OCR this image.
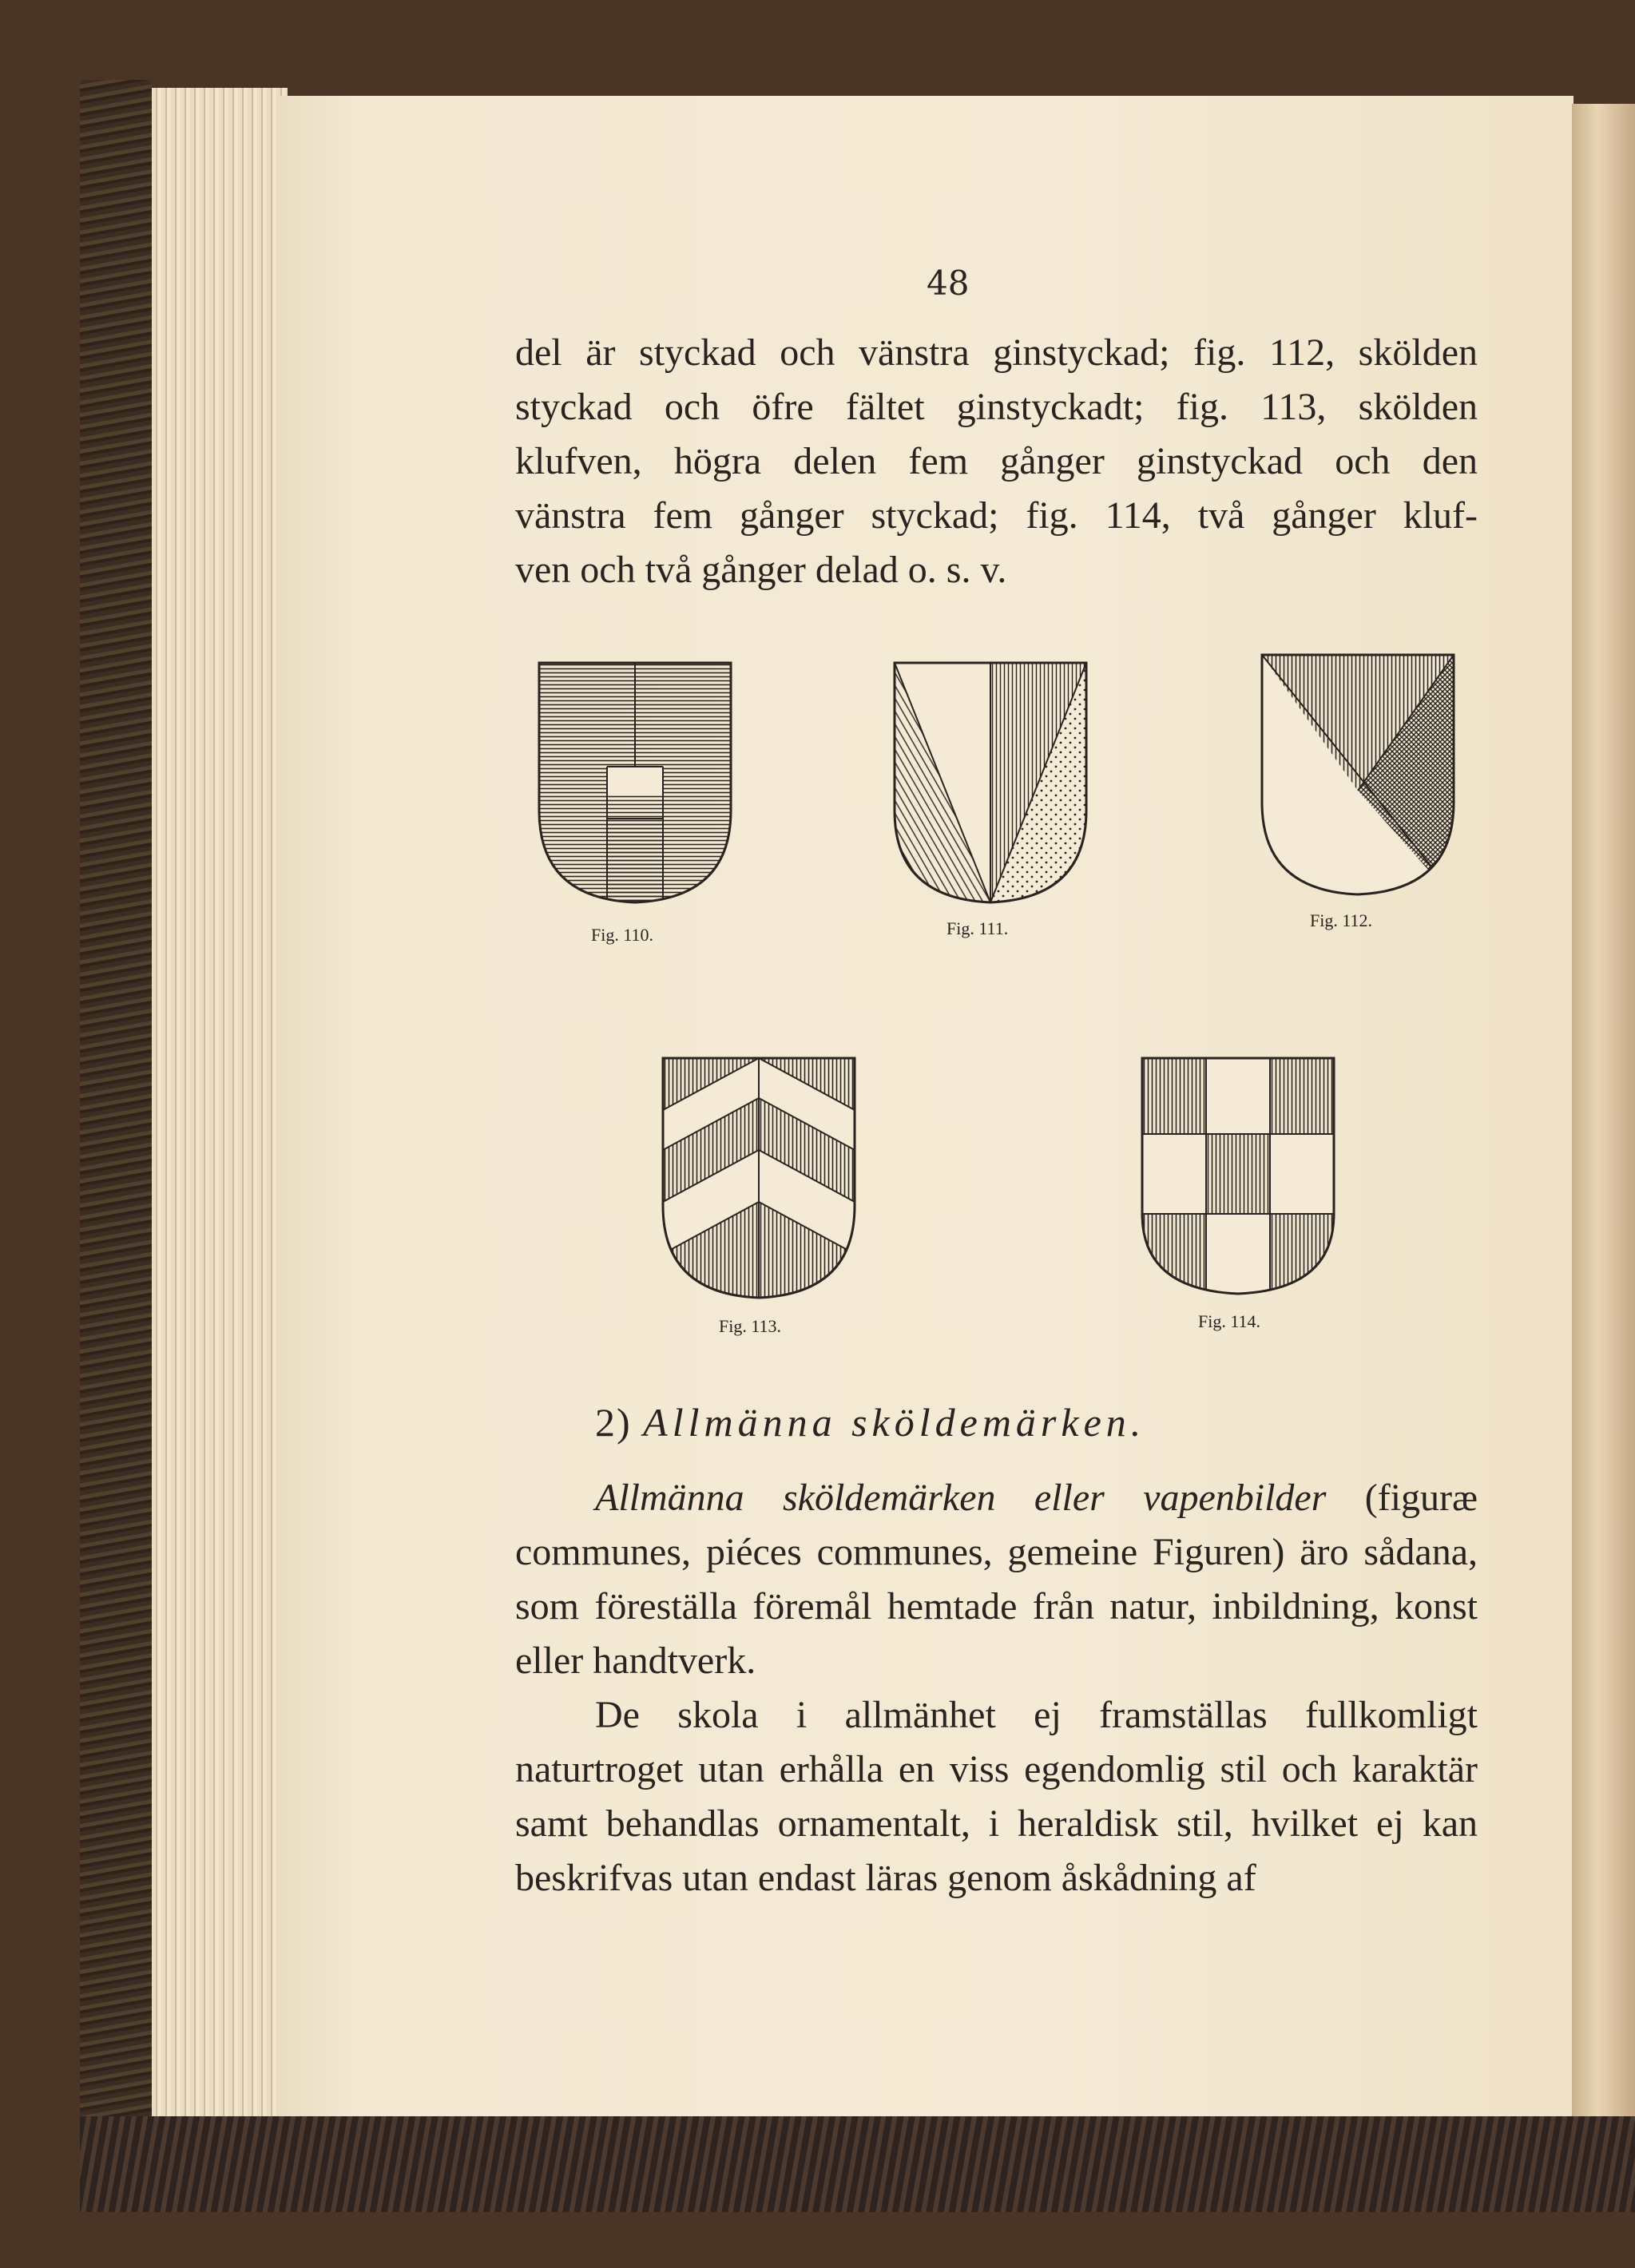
48

del är styckad och vänstra ginstyckad; fig. 112, skölden

styckad och öfre fältet ginstyckadt; fig. 113, skölden

klufven, högra delen fem gånger ginstyckad och den

vänstra fem gånger styckad; fig. 114, två gånger kluf-

ven och två gånger delad o. s. v.

Fig. 110.	Fig. 111.	Fig. 112.
Fig. 113.	Fig. 114.
2) Allmänna sköldemärken.

Allmänna sköldemärken eller vapenbilder (figuræ communes, piéces communes, gemeine Figuren) äro sådana, som föreställa föremål hemtade från natur, inbildning, konst eller handtverk.

De skola i allmänhet ej framställas fullkomligt naturtroget utan erhålla en viss egendomlig stil och karaktär samt behandlas ornamentalt, i heraldisk stil, hvilket ej kan beskrifvas utan endast läras genom åskådning af
